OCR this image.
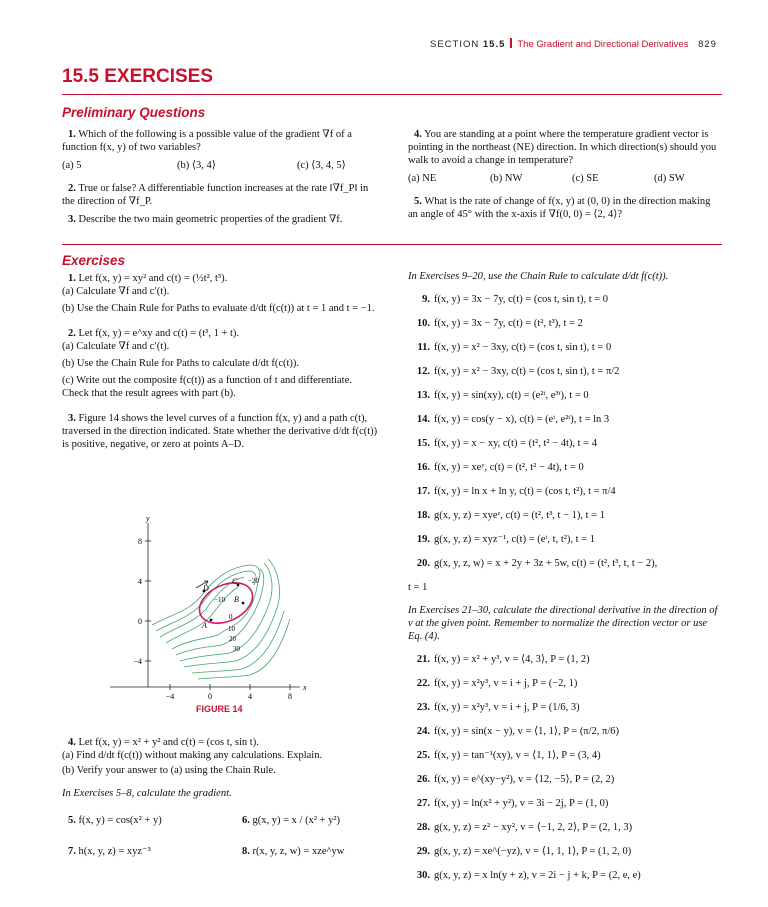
SECTION 15.5 The Gradient and Directional Derivatives 829
15.5 EXERCISES
Preliminary Questions
1. Which of the following is a possible value of the gradient ∇f of a function f(x, y) of two variables?
(a) 5	(b) ⟨3, 4⟩	(c) ⟨3, 4, 5⟩
2. True or false? A differentiable function increases at the rate ‖∇f_P‖ in the direction of ∇f_P.
3. Describe the two main geometric properties of the gradient ∇f.
4. You are standing at a point where the temperature gradient vector is pointing in the northeast (NE) direction. In which direction(s) should you walk to avoid a change in temperature?
(a) NE	(b) NW	(c) SE	(d) SW
5. What is the rate of change of f(x, y) at (0, 0) in the direction making an angle of 45° with the x-axis if ∇f(0, 0) = ⟨2, 4⟩?
Exercises
1. Let f(x, y) = xy² and c(t) = (½t², t³).
(a) Calculate ∇f and c′(t).
(b) Use the Chain Rule for Paths to evaluate d/dt f(c(t)) at t = 1 and t = −1.
2. Let f(x, y) = e^xy and c(t) = (t³, 1 + t).
(a) Calculate ∇f and c′(t).
(b) Use the Chain Rule for Paths to calculate d/dt f(c(t)).
(c) Write out the composite f(c(t)) as a function of t and differentiate. Check that the result agrees with part (b).
3. Figure 14 shows the level curves of a function f(x, y) and a path c(t), traversed in the direction indicated. State whether the derivative d/dt f(c(t)) is positive, negative, or zero at points A–D.
y
x
8
4
0
−4
−4	0	4	8
A
B
C
D
−20
−10
0
10
20
30
FIGURE 14
4. Let f(x, y) = x² + y² and c(t) = (cos t, sin t).
(a) Find d/dt f(c(t)) without making any calculations. Explain.
(b) Verify your answer to (a) using the Chain Rule.
In Exercises 5–8, calculate the gradient.
5. f(x, y) = cos(x² + y)	6. g(x, y) = x / (x² + y²)
7. h(x, y, z) = xyz⁻³	8. r(x, y, z, w) = xze^yw
In Exercises 9–20, use the Chain Rule to calculate d/dt f(c(t)).
9. f(x, y) = 3x − 7y, c(t) = (cos t, sin t), t = 0
10. f(x, y) = 3x − 7y, c(t) = (t², t³), t = 2
11. f(x, y) = x² − 3xy, c(t) = (cos t, sin t), t = 0
12. f(x, y) = x² − 3xy, c(t) = (cos t, sin t), t = π/2
13. f(x, y) = sin(xy), c(t) = (e²ᵗ, e³ᵗ), t = 0
14. f(x, y) = cos(y − x), c(t) = (eᵗ, e²ᵗ), t = ln 3
15. f(x, y) = x − xy, c(t) = (t², t² − 4t), t = 4
16. f(x, y) = xeʸ, c(t) = (t², t² − 4t), t = 0
17. f(x, y) = ln x + ln y, c(t) = (cos t, t²), t = π/4
18. g(x, y, z) = xyeᶻ, c(t) = (t², t³, t − 1), t = 1
19. g(x, y, z) = xyz⁻¹, c(t) = (eᵗ, t, t²), t = 1
20. g(x, y, z, w) = x + 2y + 3z + 5w, c(t) = (t², t³, t, t − 2),
t = 1
In Exercises 21–30, calculate the directional derivative in the direction of v at the given point. Remember to normalize the direction vector or use Eq. (4).
21. f(x, y) = x² + y³, v = ⟨4, 3⟩, P = (1, 2)
22. f(x, y) = x²y³, v = i + j, P = (−2, 1)
23. f(x, y) = x²y³, v = i + j, P = (1/6, 3)
24. f(x, y) = sin(x − y), v = ⟨1, 1⟩, P = (π/2, π/6)
25. f(x, y) = tan⁻¹(xy), v = ⟨1, 1⟩, P = (3, 4)
26. f(x, y) = e^(xy−y²), v = ⟨12, −5⟩, P = (2, 2)
27. f(x, y) = ln(x² + y²), v = 3i − 2j, P = (1, 0)
28. g(x, y, z) = z² − xy², v = ⟨−1, 2, 2⟩, P = (2, 1, 3)
29. g(x, y, z) = xe^(−yz), v = ⟨1, 1, 1⟩, P = (1, 2, 0)
30. g(x, y, z) = x ln(y + z), v = 2i − j + k, P = (2, e, e)
